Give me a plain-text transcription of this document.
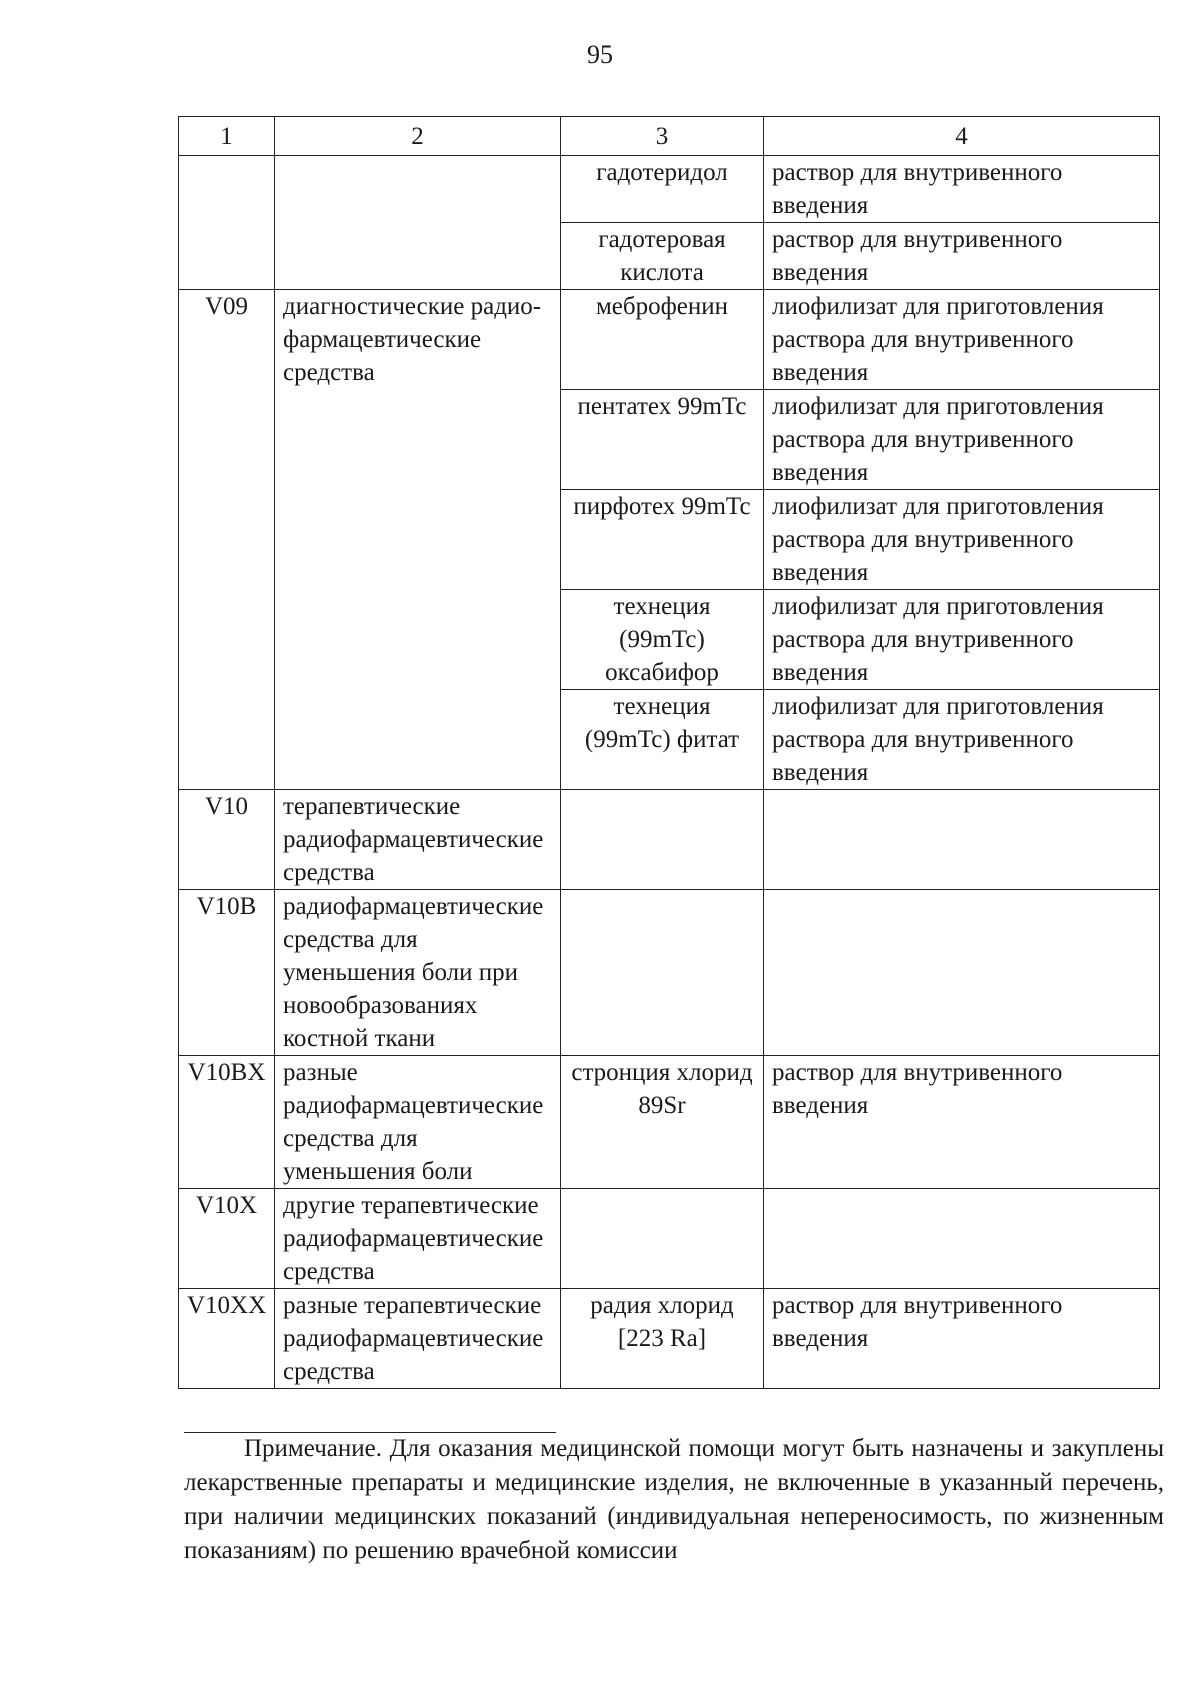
95
1	2	3	4
		гадотеридол	раствор для внутривенного введения
		гадотеровая кислота	раствор для внутривенного введения
V09	диагностические радио-фармацевтические средства	меброфенин	лиофилизат для приготовления раствора для внутривенного введения
		пентатех 99mTc	лиофилизат для приготовления раствора для внутривенного введения
		пирфотех 99mTc	лиофилизат для приготовления раствора для внутривенного введения
		технеция (99mTc) оксабифор	лиофилизат для приготовления раствора для внутривенного введения
		технеция (99mTc) фитат	лиофилизат для приготовления раствора для внутривенного введения
V10	терапевтические радиофармацевтические средства		
V10B	радиофармацевтические средства для уменьшения боли при новообразованиях костной ткани		
V10BX	разные радиофармацевтические средства для уменьшения боли	стронция хлорид 89Sr	раствор для внутривенного введения
V10X	другие терапевтические радиофармацевтические средства		
V10XX	разные терапевтические радиофармацевтические средства	радия хлорид [223 Ra]	раствор для внутривенного введения

Примечание. Для оказания медицинской помощи могут быть назначены и закуплены лекарственные препараты и медицинские изделия, не включенные в указанный перечень, при наличии медицинских показаний (индивидуальная непереносимость, по жизненным показаниям) по решению врачебной комиссии
